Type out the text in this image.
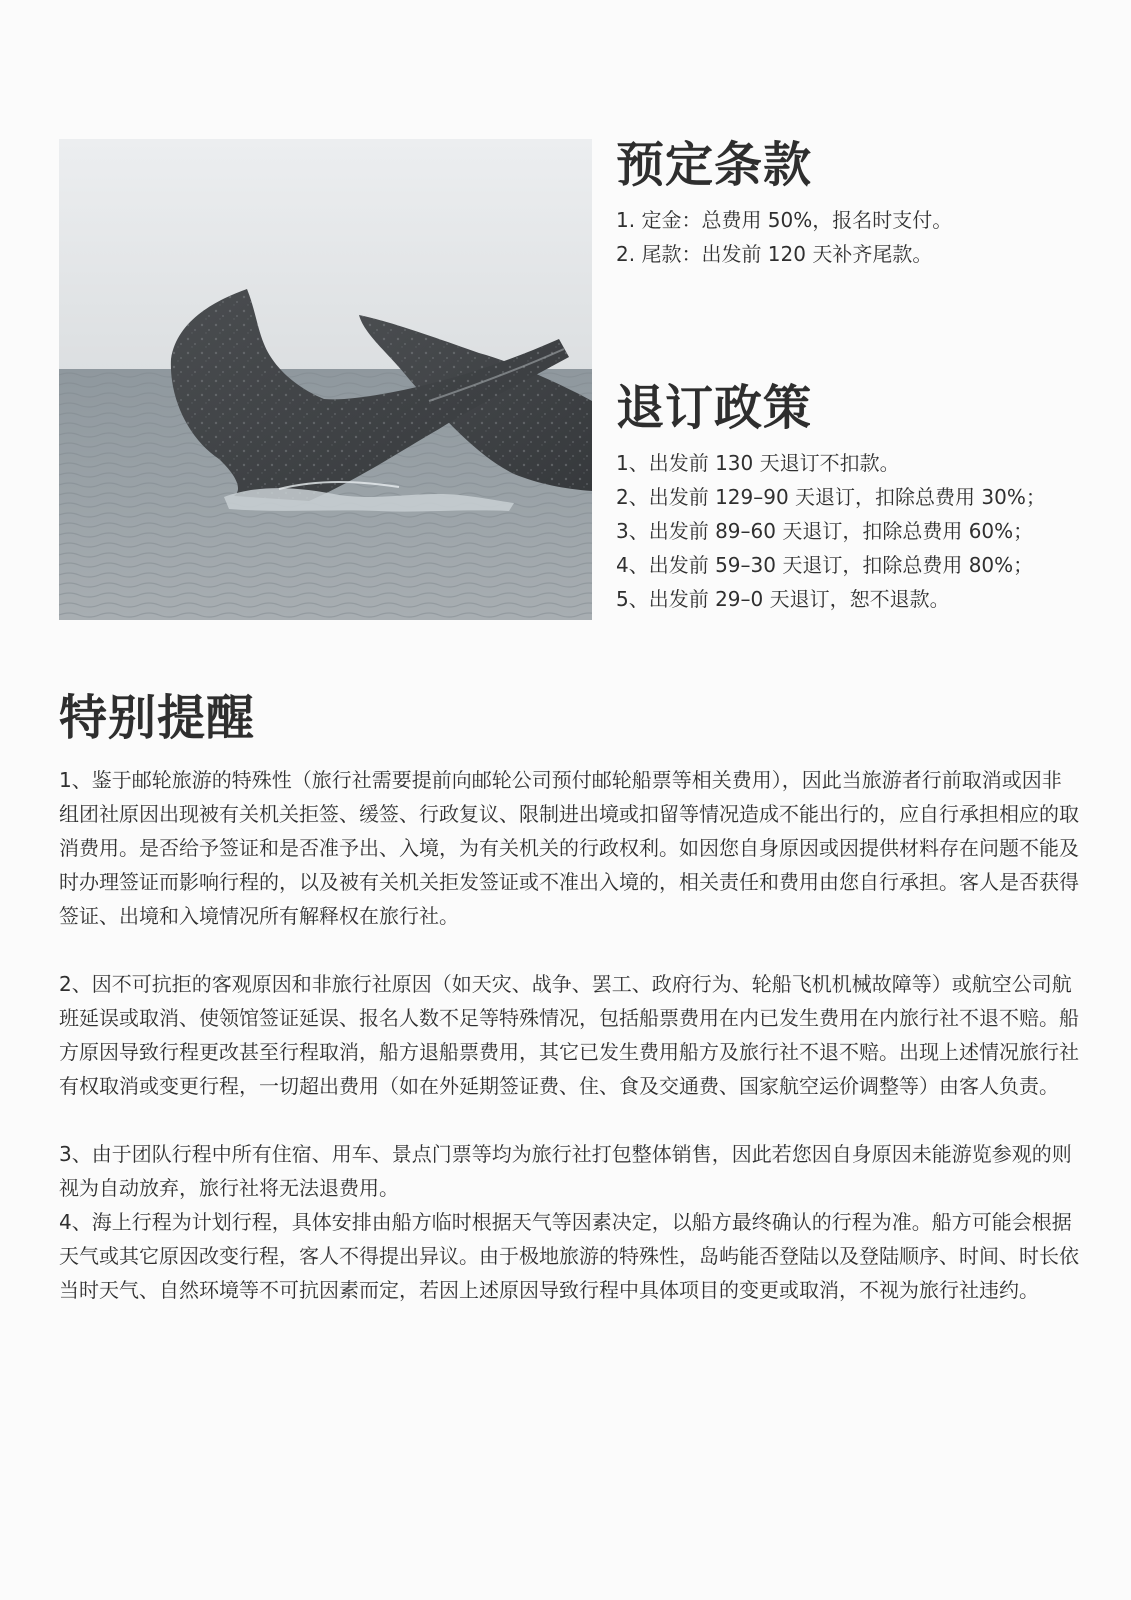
预定条款
1. 定金：总费用 50%，报名时支付。
2. 尾款：出发前 120 天补齐尾款。
退订政策
1、出发前 130 天退订不扣款。
2、出发前 129–90 天退订，扣除总费用 30%；
3、出发前 89–60 天退订，扣除总费用 60%；
4、出发前 59–30 天退订，扣除总费用 80%；
5、出发前 29–0 天退订，恕不退款。
特别提醒

1、鉴于邮轮旅游的特殊性（旅行社需要提前向邮轮公司预付邮轮船票等相关费用），因此当旅游者行前取消或因非组团社原因出现被有关机关拒签、缓签、行政复议、限制进出境或扣留等情况造成不能出行的，应自行承担相应的取消费用。是否给予签证和是否准予出、入境，为有关机关的行政权利。如因您自身原因或因提供材料存在问题不能及时办理签证而影响行程的，以及被有关机关拒发签证或不准出入境的，相关责任和费用由您自行承担。客人是否获得签证、出境和入境情况所有解释权在旅行社。

2、因不可抗拒的客观原因和非旅行社原因（如天灾、战争、罢工、政府行为、轮船飞机机械故障等）或航空公司航班延误或取消、使领馆签证延误、报名人数不足等特殊情况，包括船票费用在内已发生费用在内旅行社不退不赔。船方原因导致行程更改甚至行程取消，船方退船票费用，其它已发生费用船方及旅行社不退不赔。出现上述情况旅行社有权取消或变更行程，一切超出费用（如在外延期签证费、住、食及交通费、国家航空运价调整等）由客人负责。

3、由于团队行程中所有住宿、用车、景点门票等均为旅行社打包整体销售，因此若您因自身原因未能游览参观的则视为自动放弃，旅行社将无法退费用。

4、海上行程为计划行程，具体安排由船方临时根据天气等因素决定，以船方最终确认的行程为准。船方可能会根据天气或其它原因改变行程，客人不得提出异议。由于极地旅游的特殊性，岛屿能否登陆以及登陆顺序、时间、时长依当时天气、自然环境等不可抗因素而定，若因上述原因导致行程中具体项目的变更或取消，不视为旅行社违约。
